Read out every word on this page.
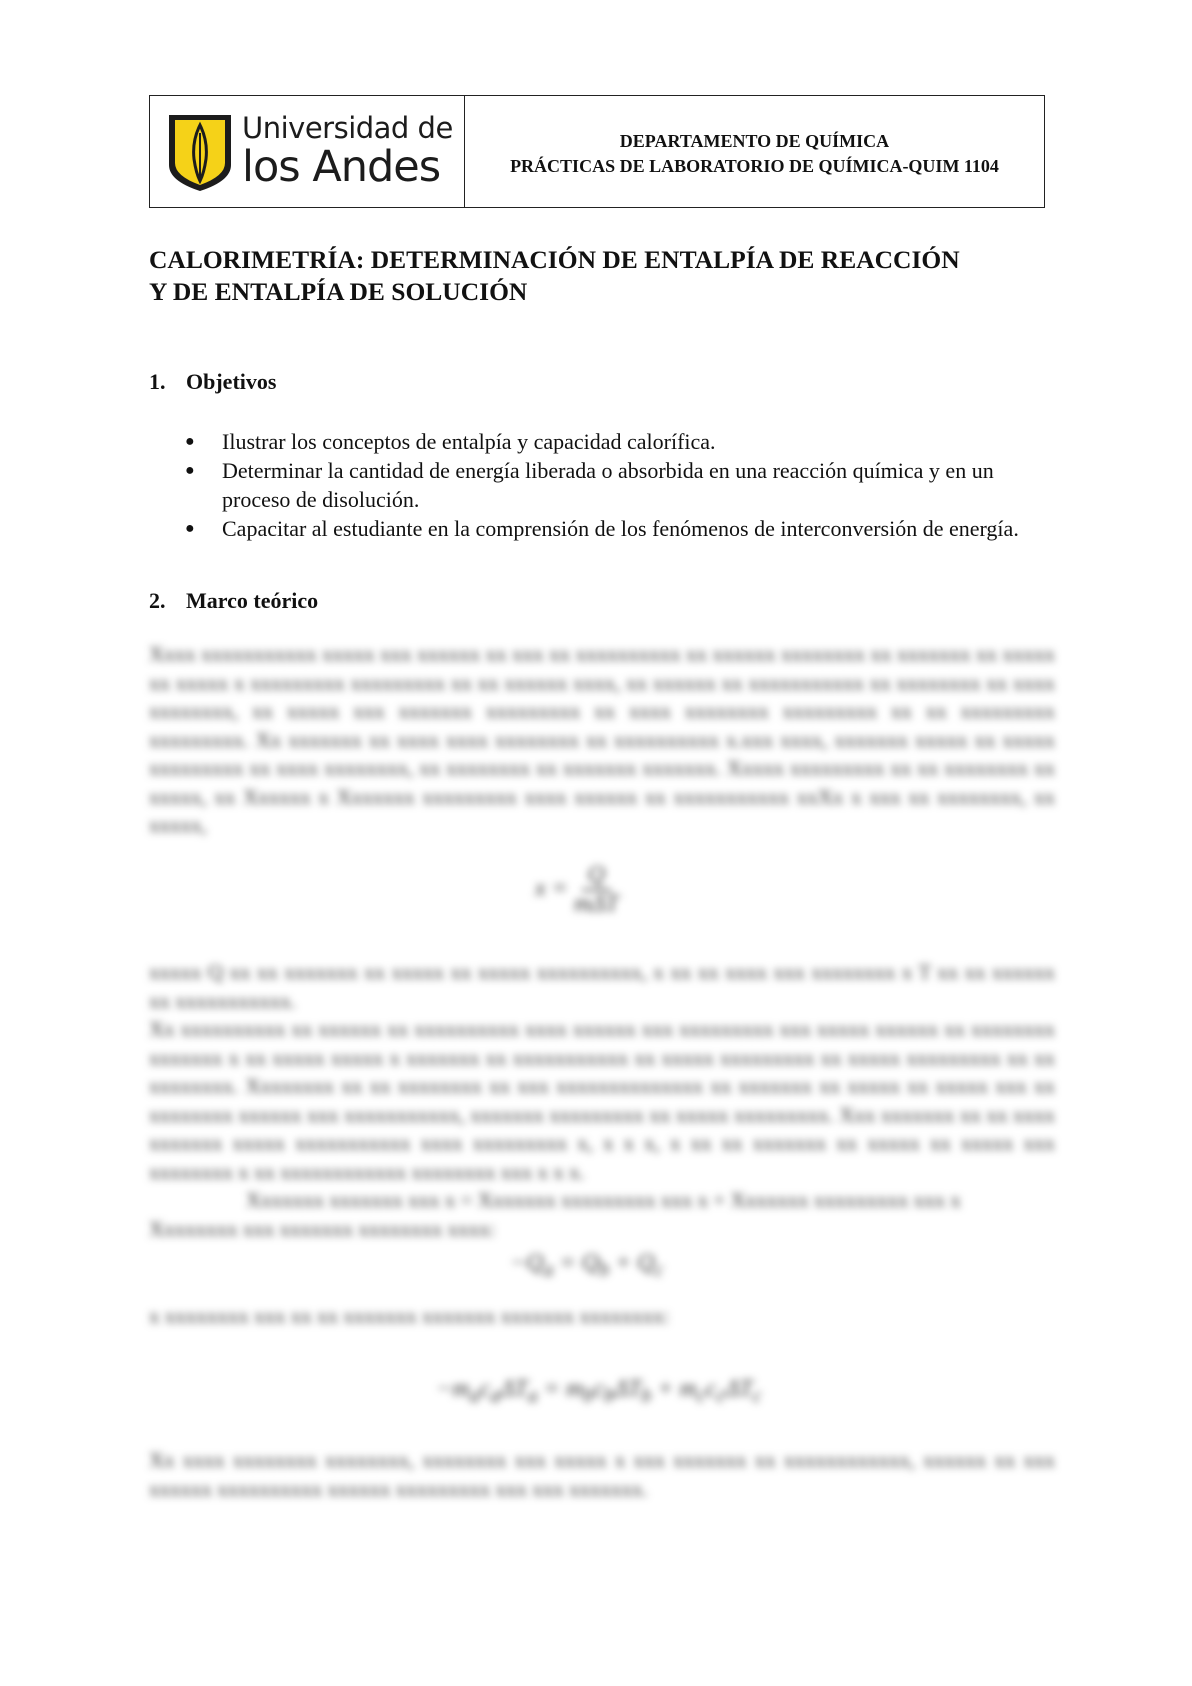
Universidad de
los Andes
DEPARTAMENTO DE QUÍMICA
PRÁCTICAS DE LABORATORIO DE QUÍMICA-QUIM 1104
CALORIMETRÍA: DETERMINACIÓN DE ENTALPÍA DE REACCIÓN
Y DE ENTALPÍA DE SOLUCIÓN
1. Objetivos
● Ilustrar los conceptos de entalpía y capacidad calorífica.
● Determinar la cantidad de energía liberada o absorbida en una reacción química y en un proceso de disolución.
● Capacitar al estudiante en la comprensión de los fenómenos de interconversión de energía.
2. Marco teórico

Xxxx xxxxxxxxxxx xxxxx xxx xxxxxx xx xxx xx xxxxxxxxxx xx xxxxxx xxxxxxxx xx xxxxxxx xx xxxxx xx xxxxx x xxxxxxxxx xxxxxxxxx xx xx xxxxxx xxxx, xx xxxxxx xx xxxxxxxxxxx xx xxxxxxxx xx xxxx xxxxxxxx, xx xxxxx xxx xxxxxxx xxxxxxxxx xx xxxx xxxxxxxx xxxxxxxxx xx xx xxxxxxxxx xxxxxxxxx. Xx xxxxxxx xx xxxx xxxx xxxxxxxx xx xxxxxxxxxx x.xxx xxxx, xxxxxxx xxxxx xx xxxxx xxxxxxxxx xx xxxx xxxxxxxx, xx xxxxxxxx xx xxxxxxx xxxxxxx. Xxxxx xxxxxxxxx xx xx xxxxxxxx xx xxxxx, xx Xxxxxx x Xxxxxxx xxxxxxxxx xxxx xxxxxx xx xxxxxxxxxxx xxXx x xxx xx xxxxxxxx, xx xxxxx,

$x = \frac{Q}{\text{mΔT}}$

xxxxx Q xx xx xxxxxxx xx xxxxx xx xxxxx xxxxxxxxxx, x xx xx xxxx xxx xxxxxxxx x T xx xx xxxxxx xx xxxxxxxxxxx.
Xx xxxxxxxxxx xx xxxxxx xx xxxxxxxxxx xxxx xxxxxx xxx xxxxxxxxx xxx xxxxx xxxxxx xx xxxxxxxx xxxxxxx x xx xxxxx xxxxx x xxxxxxx xx xxxxxxxxxxx xx xxxxx xxxxxxxxx xx xxxxx xxxxxxxxx xx xx xxxxxxxx. Xxxxxxxx xx xx xxxxxxxx xx xxx xxxxxxxxxxxxxx xx xxxxxxx xx xxxxx xx xxxxx xxx xx xxxxxxxx xxxxxx xxx xxxxxxxxxxx, xxxxxxx xxxxxxxxx xx xxxxx xxxxxxxxx. Xxx xxxxxxx xx xx xxxx xxxxxxx xxxxx xxxxxxxxxxx xxxx xxxxxxxxx x, x x x, x xx xx xxxxxxx xx xxxxx xx xxxxx xxx xxxxxxxx x xx xxxxxxxxxxxx xxxxxxxx xxx x x x.

Xxxxxxx xxxxxxx xxx x = Xxxxxxx xxxxxxxxx xxx x + Xxxxxxx xxxxxxxxx xxx x
Xxxxxxxx xxx xxxxxxx xxxxxxxx xxxx:

$-Q_a = Q_b + Q_c$

x xxxxxxxx xxx xx xx xxxxxxx xxxxxxx xxxxxxx xxxxxxxx:

$-m_ac_a\Delta T_a = m_bc_b\Delta T_b + m_cc_c\Delta T_c$

Xx xxxx xxxxxxxx xxxxxxxx, xxxxxxxx xxx xxxxx x xxx xxxxxxx xx xxxxxxxxxxxx, xxxxxx xx xxx xxxxxx xxxxxxxxxx xxxxxx xxxxxxxxx xxx xxx xxxxxxx.
